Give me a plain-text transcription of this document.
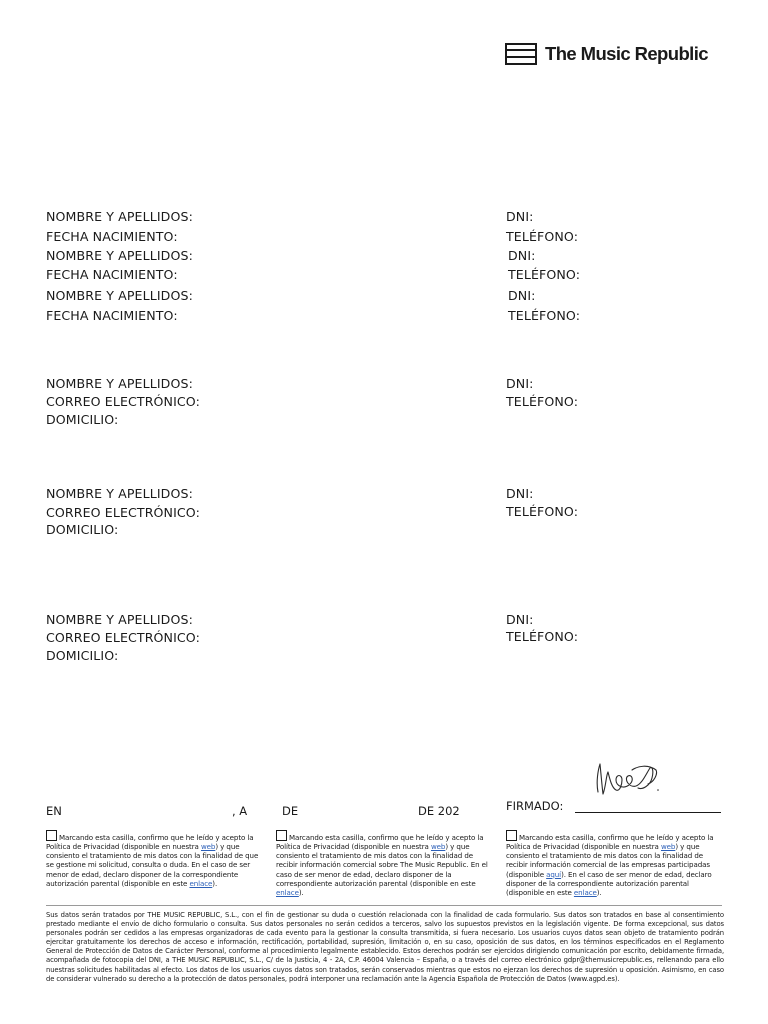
The Music Republic
NOMBRE Y APELLIDOS:	DNI:
FECHA NACIMIENTO:	TELÉFONO:
NOMBRE Y APELLIDOS:	DNI:
FECHA NACIMIENTO:	TELÉFONO:
NOMBRE Y APELLIDOS:	DNI:
FECHA NACIMIENTO:	TELÉFONO:
NOMBRE Y APELLIDOS:	DNI:
CORREO ELECTRÓNICO:	TELÉFONO:
DOMICILIO:
NOMBRE Y APELLIDOS:	DNI:
CORREO ELECTRÓNICO:	TELÉFONO:
DOMICILIO:
NOMBRE Y APELLIDOS:	DNI:
CORREO ELECTRÓNICO:	TELÉFONO:
DOMICILIO:
EN	, A	DE	DE 202	FIRMADO:
Marcando esta casilla, confirmo que he leído y acepto la Política de Privacidad (disponible en nuestra web) y que consiento el tratamiento de mis datos con la finalidad de que se gestione mi solicitud, consulta o duda. En el caso de ser menor de edad, declaro disponer de la correspondiente autorización parental (disponible en este enlace).
Marcando esta casilla, confirmo que he leído y acepto la Política de Privacidad (disponible en nuestra web) y que consiento el tratamiento de mis datos con la finalidad de recibir información comercial sobre The Music Republic. En el caso de ser menor de edad, declaro disponer de la correspondiente autorización parental (disponible en este enlace).
Marcando esta casilla, confirmo que he leído y acepto la Política de Privacidad (disponible en nuestra web) y que consiento el tratamiento de mis datos con la finalidad de recibir información comercial de las empresas participadas (disponible aquí). En el caso de ser menor de edad, declaro disponer de la correspondiente autorización parental (disponible en este enlace).
Sus datos serán tratados por THE MUSIC REPUBLIC, S.L., con el fin de gestionar su duda o cuestión relacionada con la finalidad de cada formulario. Sus datos son tratados en base al consentimiento prestado mediante el envío de dicho formulario o consulta. Sus datos personales no serán cedidos a terceros, salvo los supuestos previstos en la legislación vigente. De forma excepcional, sus datos personales podrán ser cedidos a las empresas organizadoras de cada evento para la gestionar la consulta transmitida, si fuera necesario. Los usuarios cuyos datos sean objeto de tratamiento podrán ejercitar gratuitamente los derechos de acceso e información, rectificación, portabilidad, supresión, limitación o, en su caso, oposición de sus datos, en los términos especificados en el Reglamento General de Protección de Datos de Carácter Personal, conforme al procedimiento legalmente establecido. Estos derechos podrán ser ejercidos dirigiendo comunicación por escrito, debidamente firmada, acompañada de fotocopia del DNI, a THE MUSIC REPUBLIC, S.L., C/ de la Justicia, 4 - 2A, C.P. 46004 Valencia – España, o a través del correo electrónico gdpr@themusicrepublic.es, rellenando para ello nuestras solicitudes habilitadas al efecto. Los datos de los usuarios cuyos datos son tratados, serán conservados mientras que estos no ejerzan los derechos de supresión u oposición. Asimismo, en caso de considerar vulnerado su derecho a la protección de datos personales, podrá interponer una reclamación ante la Agencia Española de Protección de Datos (www.agpd.es).
